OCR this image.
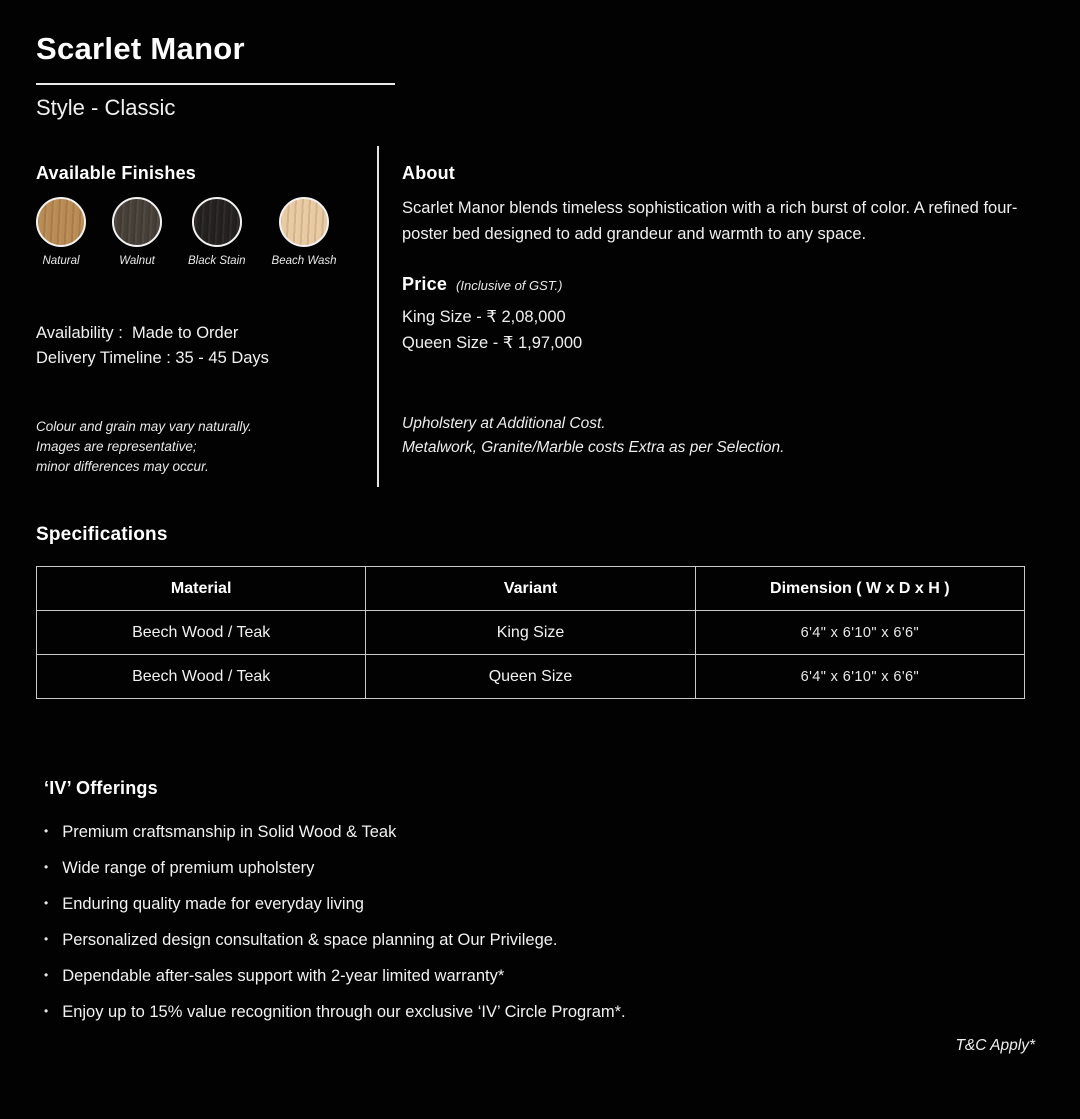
Scarlet Manor
Style - Classic
Available Finishes
Natural	Walnut	Black Stain Beach Wash
Availability :  Made to Order
Delivery Timeline : 35 - 45 Days
Colour and grain may vary naturally.
Images are representative;
minor differences may occur.
About
Scarlet Manor blends timeless sophistication with a rich burst of color. A refined four-poster bed designed to add grandeur and warmth to any space.
Price (Inclusive of GST.)
King Size - ₹ 2,08,000
Queen Size - ₹ 1,97,000
Upholstery at Additional Cost.
Metalwork, Granite/Marble costs Extra as per Selection.
Specifications
Material	Variant	Dimension ( W x D x H )
Beech Wood / Teak	King Size	6'4" x 6'10" x 6'6"
Beech Wood / Teak	Queen Size	6'4" x 6'10" x 6'6"
‘IV’ Offerings
• Premium craftsmanship in Solid Wood & Teak
• Wide range of premium upholstery
• Enduring quality made for everyday living
• Personalized design consultation & space planning at Our Privilege.
• Dependable after-sales support with 2-year limited warranty*
• Enjoy up to 15% value recognition through our exclusive ‘IV’ Circle Program*.
T&C Apply*
